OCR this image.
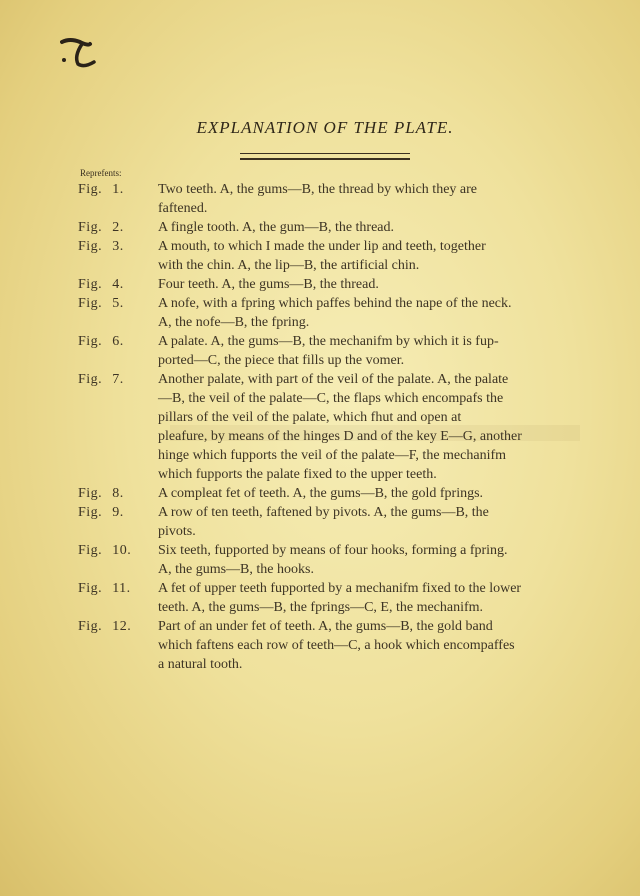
EXPLANATION OF THE PLATE.
Reprefents:
Fig. 1.	Two teeth. A, the gums—B, the thread by which they are
faftened.
Fig. 2.	A fingle tooth. A, the gum—B, the thread.
Fig. 3.	A mouth, to which I made the under lip and teeth, together
with the chin. A, the lip—B, the artificial chin.
Fig. 4.	Four teeth. A, the gums—B, the thread.
Fig. 5.	A nofe, with a fpring which paffes behind the nape of the neck.
A, the nofe—B, the fpring.
Fig. 6.	A palate. A, the gums—B, the mechanifm by which it is fup-
ported—C, the piece that fills up the vomer.
Fig. 7.	Another palate, with part of the veil of the palate. A, the palate
—B, the veil of the palate—C, the flaps which encompafs the
pillars of the veil of the palate, which fhut and open at
pleafure, by means of the hinges D and of the key E—G, another
hinge which fupports the veil of the palate—F, the mechanifm
which fupports the palate fixed to the upper teeth.
Fig. 8.	A compleat fet of teeth. A, the gums—B, the gold fprings.
Fig. 9.	A row of ten teeth, faftened by pivots. A, the gums—B, the
pivots.
Fig. 10.	Six teeth, fupported by means of four hooks, forming a fpring.
A, the gums—B, the hooks.
Fig. 11.	A fet of upper teeth fupported by a mechanifm fixed to the lower
teeth. A, the gums—B, the fprings—C, E, the mechanifm.
Fig. 12.	Part of an under fet of teeth. A, the gums—B, the gold band
which faftens each row of teeth—C, a hook which encompaffes
a natural tooth.
